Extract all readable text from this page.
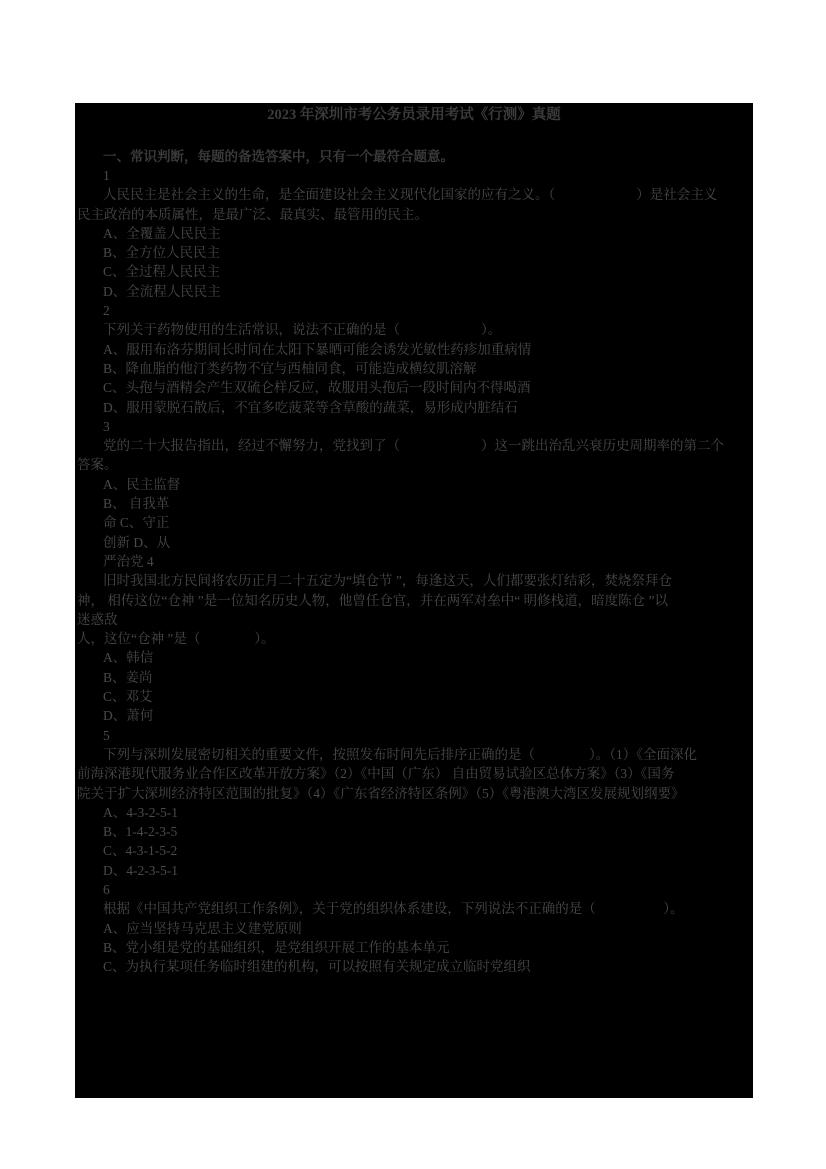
2023 年深圳市考公务员录用考试《行测》真题
一、常识判断，每题的备选答案中，只有一个最符合题意。
1
人民民主是社会主义的生命，是全面建设社会主义现代化国家的应有之义。（　　　　　　）是社会主义
民主政治的本质属性，是最广泛、最真实、最管用的民主。
A、全覆盖人民民主
B、全方位人民民主
C、全过程人民民主
D、全流程人民民主
2
下列关于药物使用的生活常识，说法不正确的是（　　　　　　）。
A、服用布洛芬期间长时间在太阳下暴晒可能会诱发光敏性药疹加重病情
B、降血脂的他汀类药物不宜与西柚同食，可能造成横纹肌溶解
C、头孢与酒精会产生双硫仑样反应，故服用头孢后一段时间内不得喝酒
D、服用蒙脱石散后，不宜多吃菠菜等含草酸的蔬菜，易形成内脏结石
3
党的二十大报告指出，经过不懈努力，党找到了（　　　　　　）这一跳出治乱兴衰历史周期率的第二个
答案。
A、民主监督
B、 自我革
命 C、守正
创新 D、从
严治党 4
旧时我国北方民间将农历正月二十五定为“填仓节 ”，每逢这天，人们都要张灯结彩，焚烧祭拜仓
神， 相传这位“仓神 ”是一位知名历史人物，他曾任仓官，并在两军对垒中“ 明修栈道，暗度陈仓 ”以
迷惑敌
人，这位“仓神 ”是（　　　　）。
A、韩信
B、姜尚
C、邓艾
D、萧何
5
下列与深圳发展密切相关的重要文件，按照发布时间先后排序正确的是（　　　　）。（1）《全面深化
前海深港现代服务业合作区改革开放方案》（2）《中国（广东） 自由贸易试验区总体方案》（3）《国务
院关于扩大深圳经济特区范围的批复》（4）《广东省经济特区条例》（5）《粤港澳大湾区发展规划纲要》
A、4-3-2-5-1
B、1-4-2-3-5
C、4-3-1-5-2
D、4-2-3-5-1
6
根据《中国共产党组织工作条例》，关于党的组织体系建设，下列说法不正确的是（　　　　　）。
A、应当坚持马克思主义建党原则
B、党小组是党的基础组织，是党组织开展工作的基本单元
C、为执行某项任务临时组建的机构，可以按照有关规定成立临时党组织
